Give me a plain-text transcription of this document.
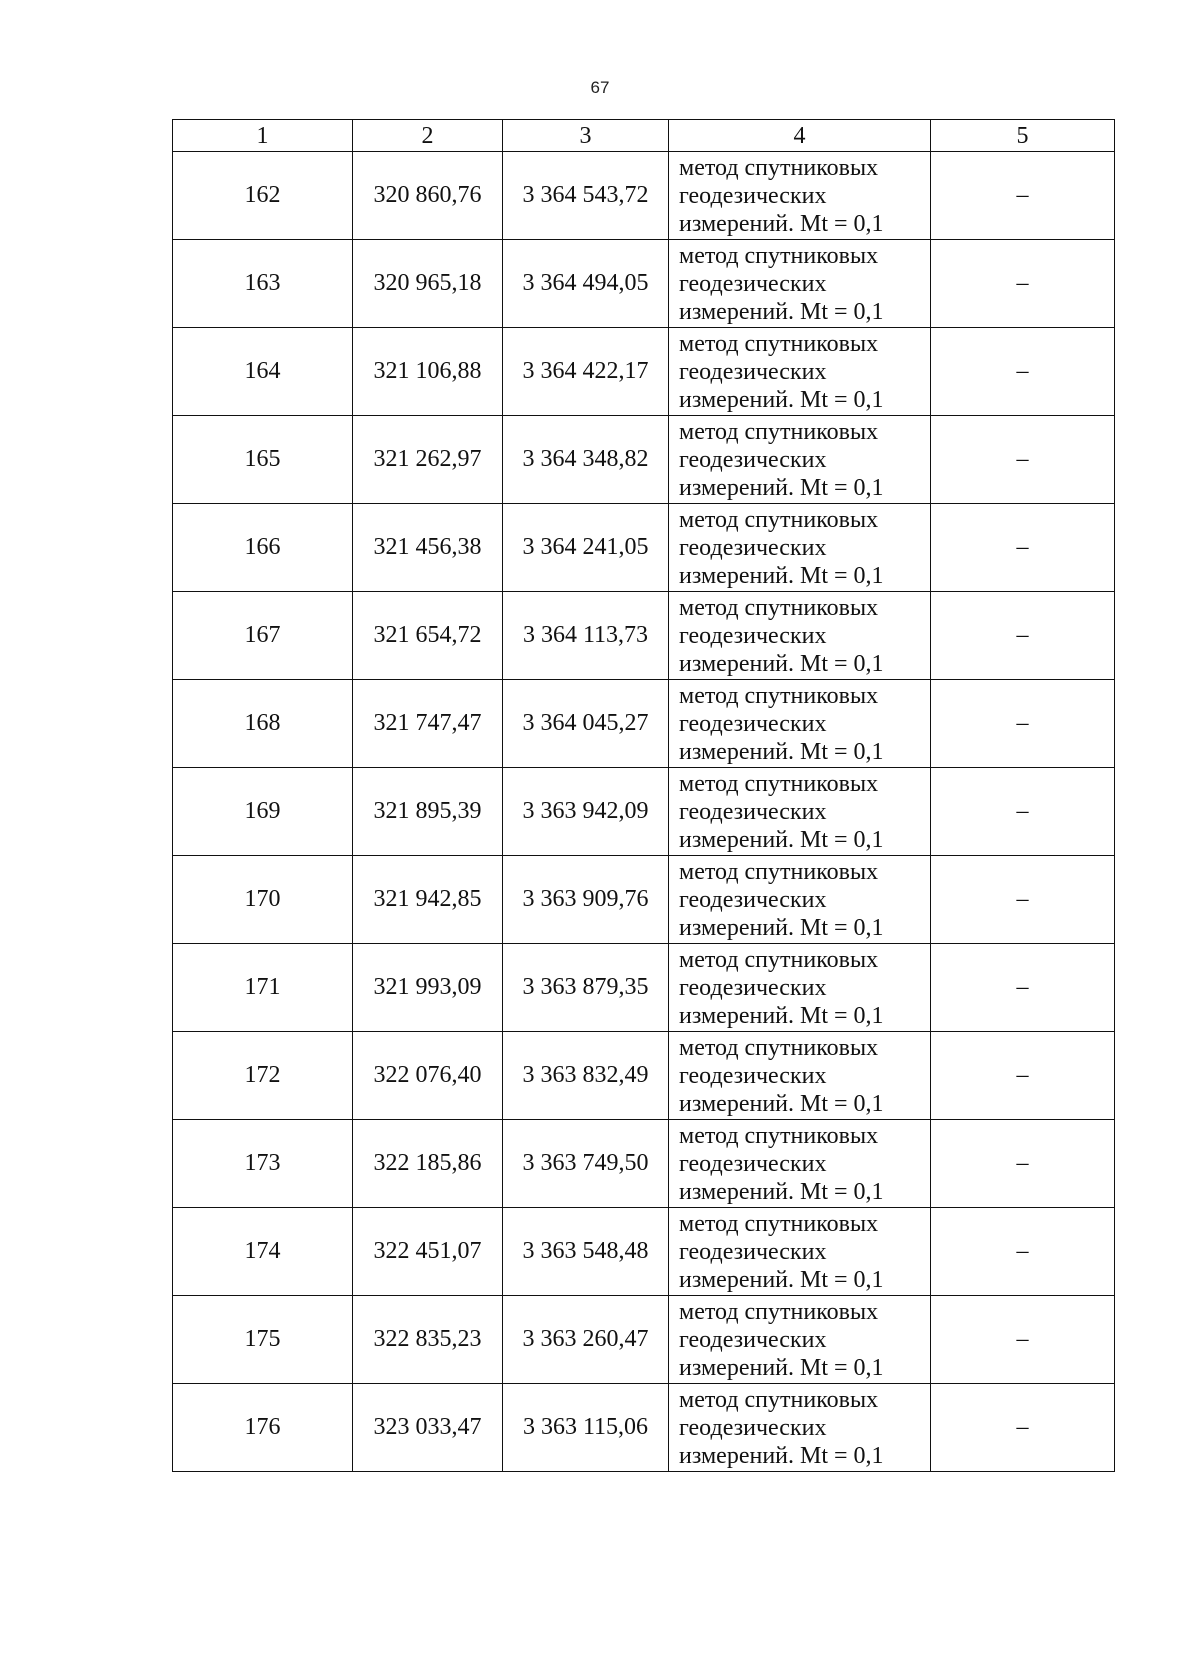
67
1	2	3	4	5
162	320 860,76	3 364 543,72	метод спутниковых
геодезических
измерений. Mt = 0,1	–
163	320 965,18	3 364 494,05	метод спутниковых
геодезических
измерений. Mt = 0,1	–
164	321 106,88	3 364 422,17	метод спутниковых
геодезических
измерений. Mt = 0,1	–
165	321 262,97	3 364 348,82	метод спутниковых
геодезических
измерений. Mt = 0,1	–
166	321 456,38	3 364 241,05	метод спутниковых
геодезических
измерений. Mt = 0,1	–
167	321 654,72	3 364 113,73	метод спутниковых
геодезических
измерений. Mt = 0,1	–
168	321 747,47	3 364 045,27	метод спутниковых
геодезических
измерений. Mt = 0,1	–
169	321 895,39	3 363 942,09	метод спутниковых
геодезических
измерений. Mt = 0,1	–
170	321 942,85	3 363 909,76	метод спутниковых
геодезических
измерений. Mt = 0,1	–
171	321 993,09	3 363 879,35	метод спутниковых
геодезических
измерений. Mt = 0,1	–
172	322 076,40	3 363 832,49	метод спутниковых
геодезических
измерений. Mt = 0,1	–
173	322 185,86	3 363 749,50	метод спутниковых
геодезических
измерений. Mt = 0,1	–
174	322 451,07	3 363 548,48	метод спутниковых
геодезических
измерений. Mt = 0,1	–
175	322 835,23	3 363 260,47	метод спутниковых
геодезических
измерений. Mt = 0,1	–
176	323 033,47	3 363 115,06	метод спутниковых
геодезических
измерений. Mt = 0,1	–
